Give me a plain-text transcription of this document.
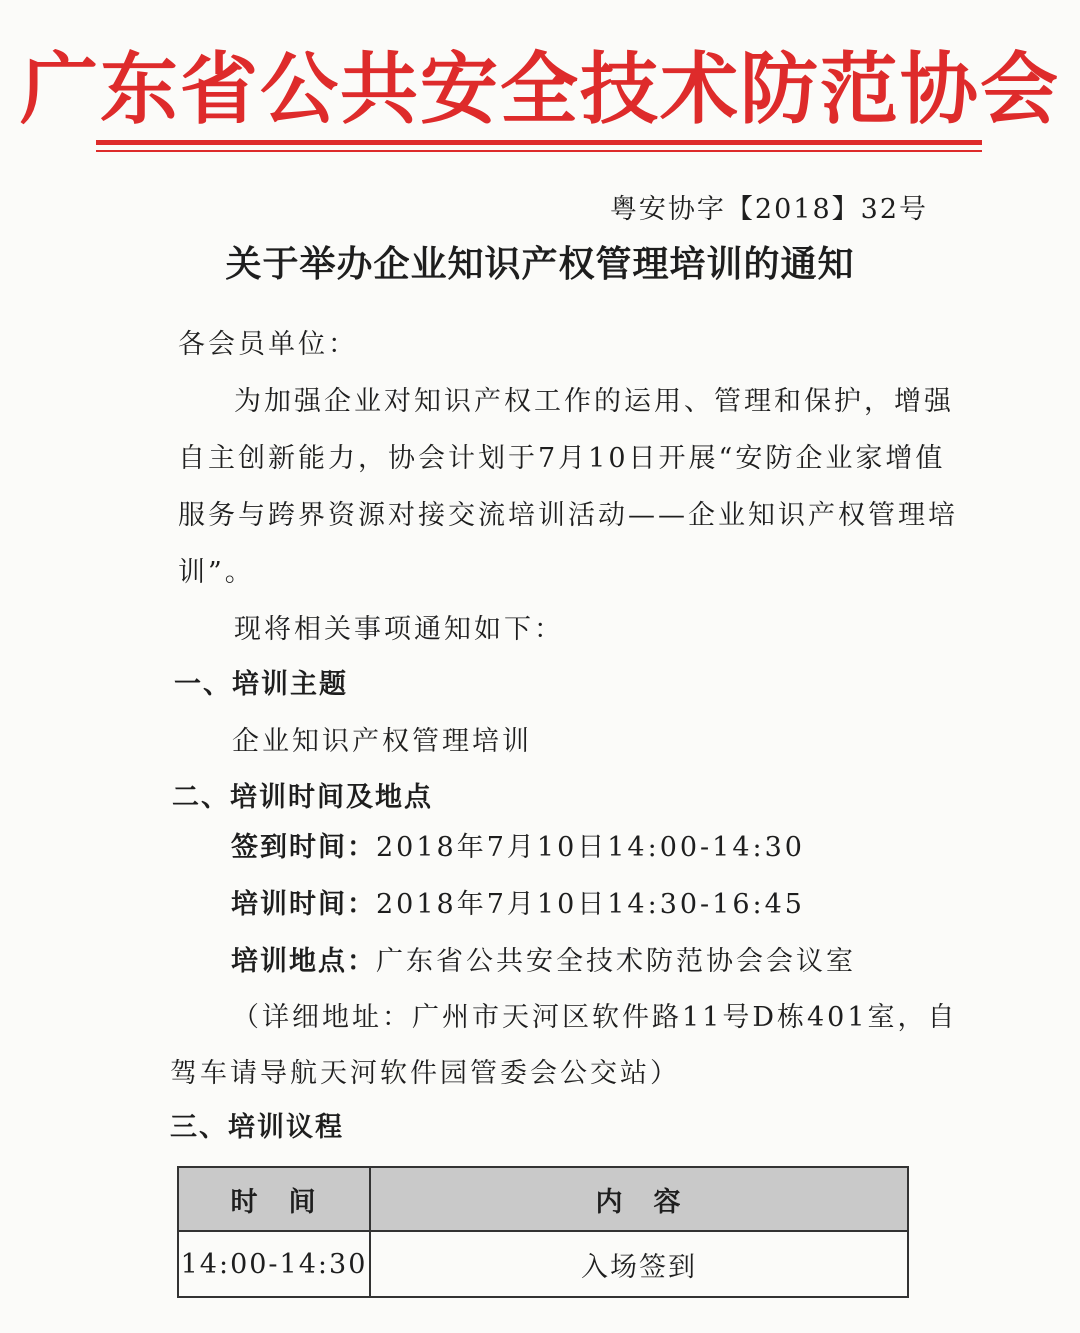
广东省公共安全技术防范协会
粤安协字【2018】32号
关于举办企业知识产权管理培训的通知
各会员单位：
为加强企业对知识产权工作的运用、管理和保护，增强
自主创新能力，协会计划于7月10日开展“安防企业家增值
服务与跨界资源对接交流培训活动——企业知识产权管理培
训”。
现将相关事项通知如下：
一、培训主题
企业知识产权管理培训
二、培训时间及地点
签到时间：2018年7月10日14:00-14:30
培训时间：2018年7月10日14:30-16:45
培训地点：广东省公共安全技术防范协会会议室
（详细地址：广州市天河区软件路11号D栋401室，自
驾车请导航天河软件园管委会公交站）
三、培训议程
时　间	内　容
14:00-14:30	入场签到
